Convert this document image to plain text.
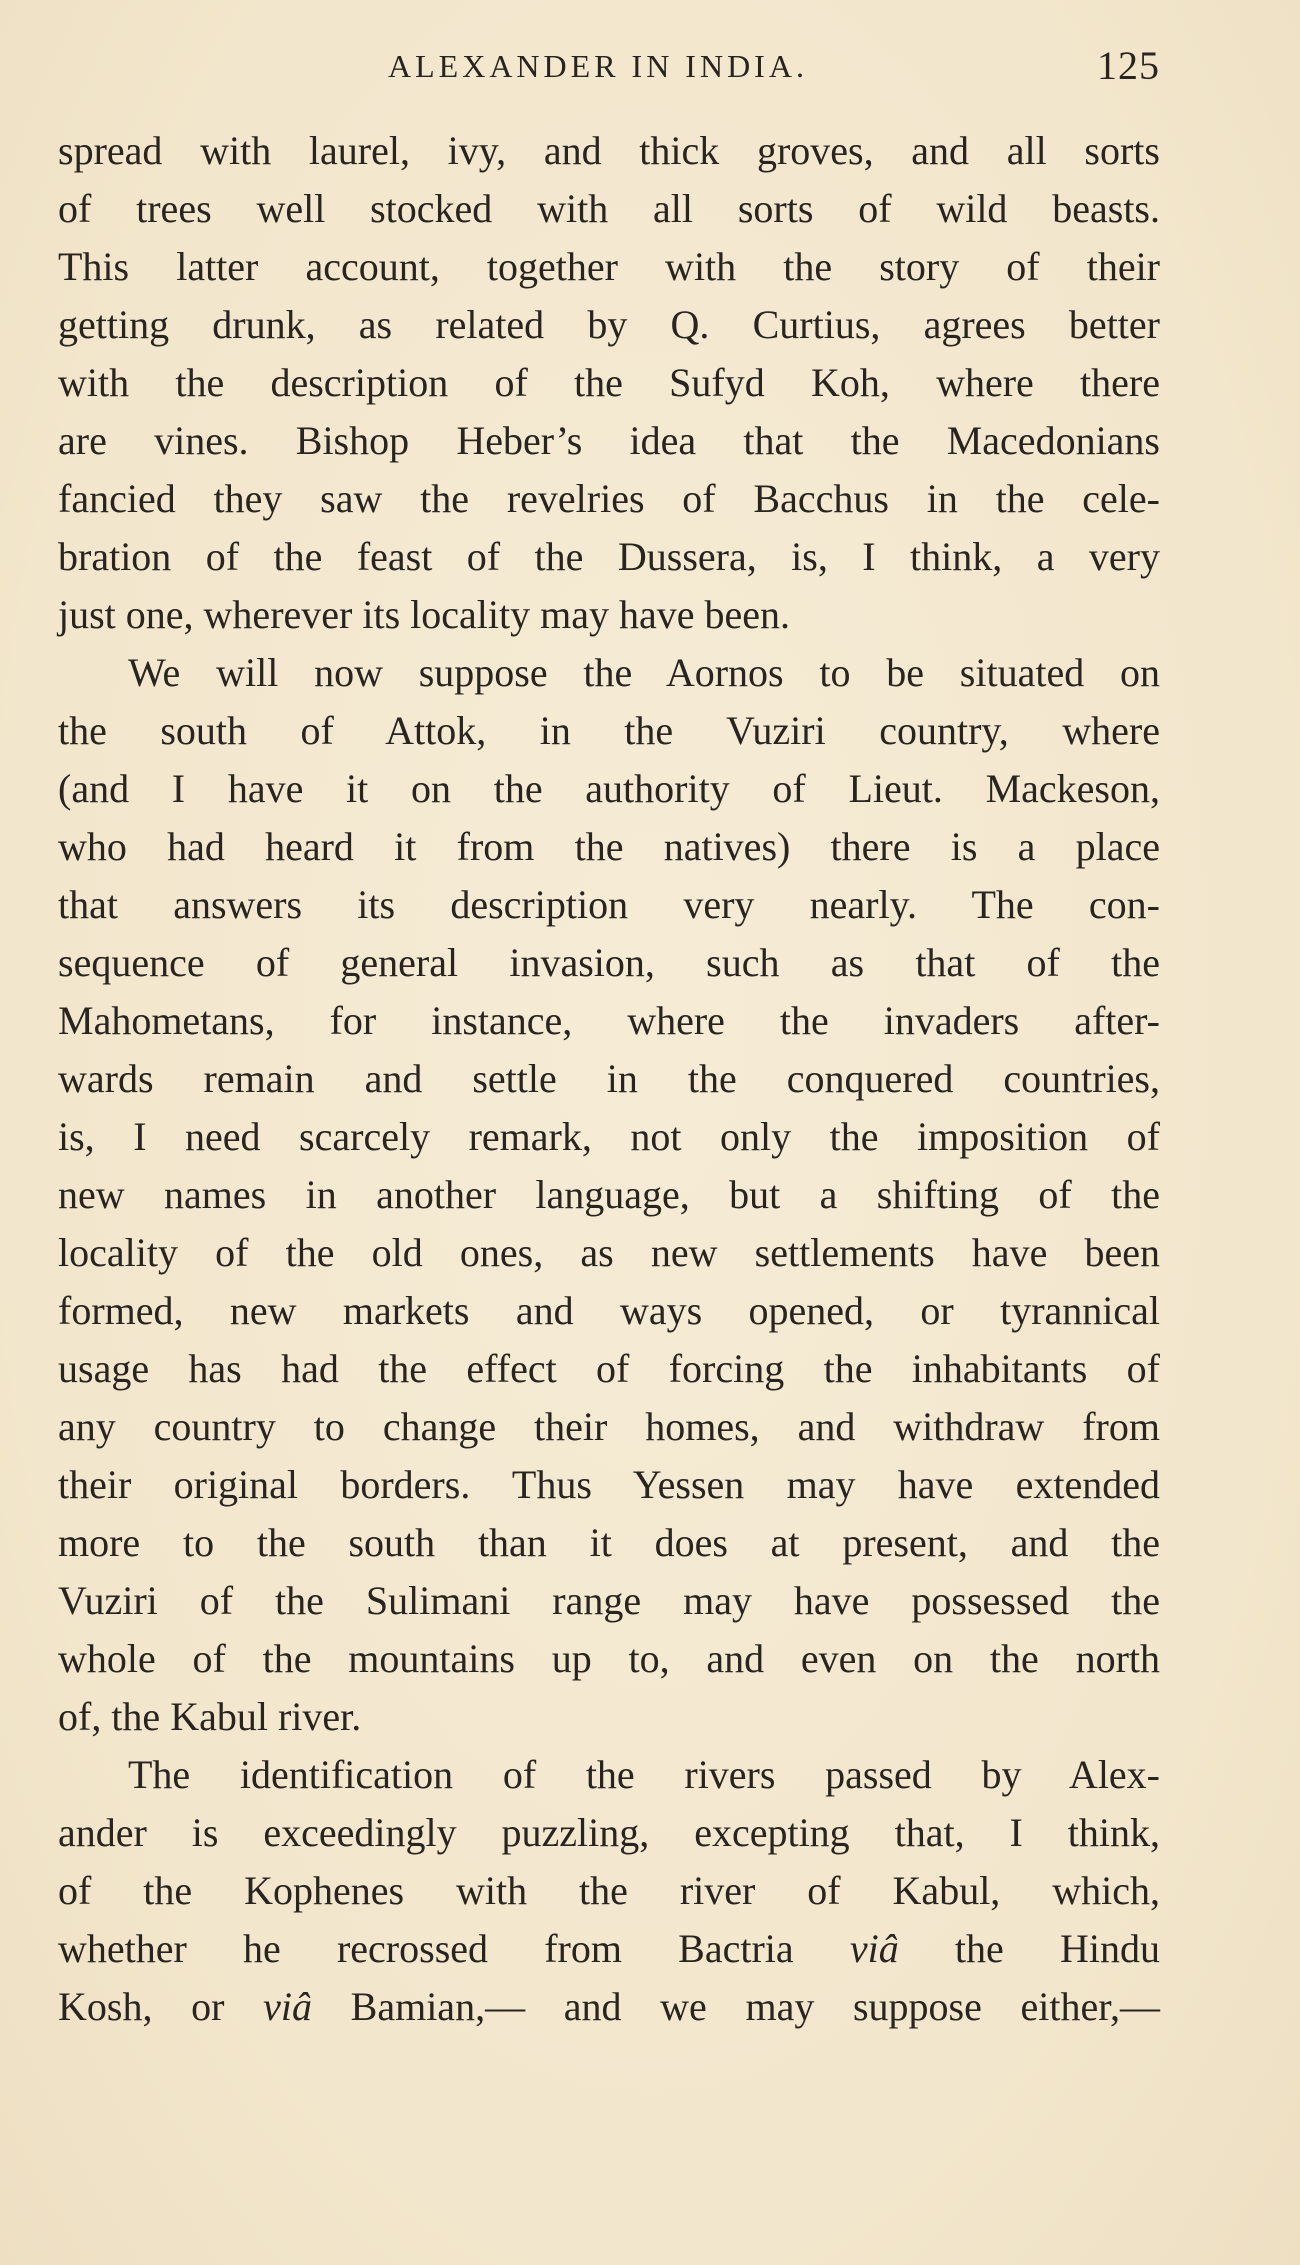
ALEXANDER IN INDIA.	125
spread with laurel, ivy, and thick groves, and all sorts
of trees well stocked with all sorts of wild beasts.
This latter account, together with the story of their
getting drunk, as related by Q. Curtius, agrees better
with the description of the Sufyd Koh, where there
are vines. Bishop Heber’s idea that the Macedonians
fancied they saw the revelries of Bacchus in the cele-
bration of the feast of the Dussera, is, I think, a very
just one, wherever its locality may have been.
We will now suppose the Aornos to be situated on
the south of Attok, in the Vuziri country, where
(and I have it on the authority of Lieut. Mackeson,
who had heard it from the natives) there is a place
that answers its description very nearly. The con-
sequence of general invasion, such as that of the
Mahometans, for instance, where the invaders after-
wards remain and settle in the conquered countries,
is, I need scarcely remark, not only the imposition of
new names in another language, but a shifting of the
locality of the old ones, as new settlements have been
formed, new markets and ways opened, or tyrannical
usage has had the effect of forcing the inhabitants of
any country to change their homes, and withdraw from
their original borders. Thus Yessen may have extended
more to the south than it does at present, and the
Vuziri of the Sulimani range may have possessed the
whole of the mountains up to, and even on the north
of, the Kabul river.
The identification of the rivers passed by Alex-
ander is exceedingly puzzling, excepting that, I think,
of the Kophenes with the river of Kabul, which,
whether he recrossed from Bactria viâ the Hindu
Kosh, or viâ Bamian,— and we may suppose either,—
